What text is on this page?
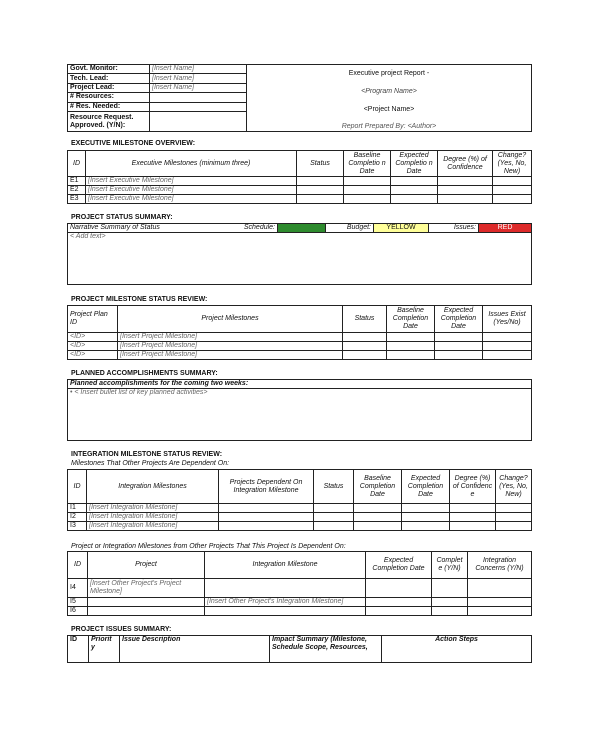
Govt. Monitor:	[Insert Name]	Executive project Report -
<Program Name>
<Project Name>
Report Prepared By: <Author>

Tech. Lead:	[Insert Name]	
Project Lead:	[Insert Name]	
# Resources:		
# Res. Needed:		
Resource Request. Approved. (Y/N):		
EXECUTIVE MILESTONE OVERVIEW:
ID	Executive Milestones (minimum three)	Status	Baseline Completio n Date	Expected Completio n Date	Degree (%) of Confidence	Change? (Yes, No, New)
E1	[Insert Executive Milestone]					
E2	[Insert Executive Milestone]					
E3	[Insert Executive Milestone]					
PROJECT STATUS SUMMARY:
Narrative Summary of Status	Schedule:	GREEN	Budget:	YELLOW	Issues:	RED
< Add text>
PROJECT MILESTONE STATUS REVIEW:
Project Plan ID	Project Milestones	Status	Baseline Completion Date	Expected Completion Date	Issues Exist (Yes/No)
<ID>	[Insert Project Milestone]				
<ID>	[Insert Project Milestone]				
<ID>	[Insert Project Milestone]				
PLANNED ACCOMPLISHMENTS SUMMARY:
Planned accomplishments for the coming two weeks:
• < Insert bullet list of key planned activities>
INTEGRATION MILESTONE STATUS REVIEW:
Milestones That Other Projects Are Dependent On:
ID	Integration Milestones	Projects Dependent On Integration Milestone	Status	Baseline Completion Date	Expected Completion Date	Degree (%) of Confidenc e	Change? (Yes, No, New)
I1	[Insert Integration Milestone]						
I2	[Insert Integration Milestone]						
I3	[Insert Integration Milestone]						
Project or Integration Milestones from Other Projects That This Project Is Dependent On:
ID	Project	Integration Milestone	Expected Completion Date	Complet e (Y/N)	Integration Concerns (Y/N)
I4	[Insert Other Project's Project Milestone]				
I5		[Insert Other Project's Integration Milestone]			
I6					
PROJECT ISSUES SUMMARY:
ID	Priorit y	Issue Description	Impact Summary (Milestone, Schedule Scope, Resources,	Action Steps
